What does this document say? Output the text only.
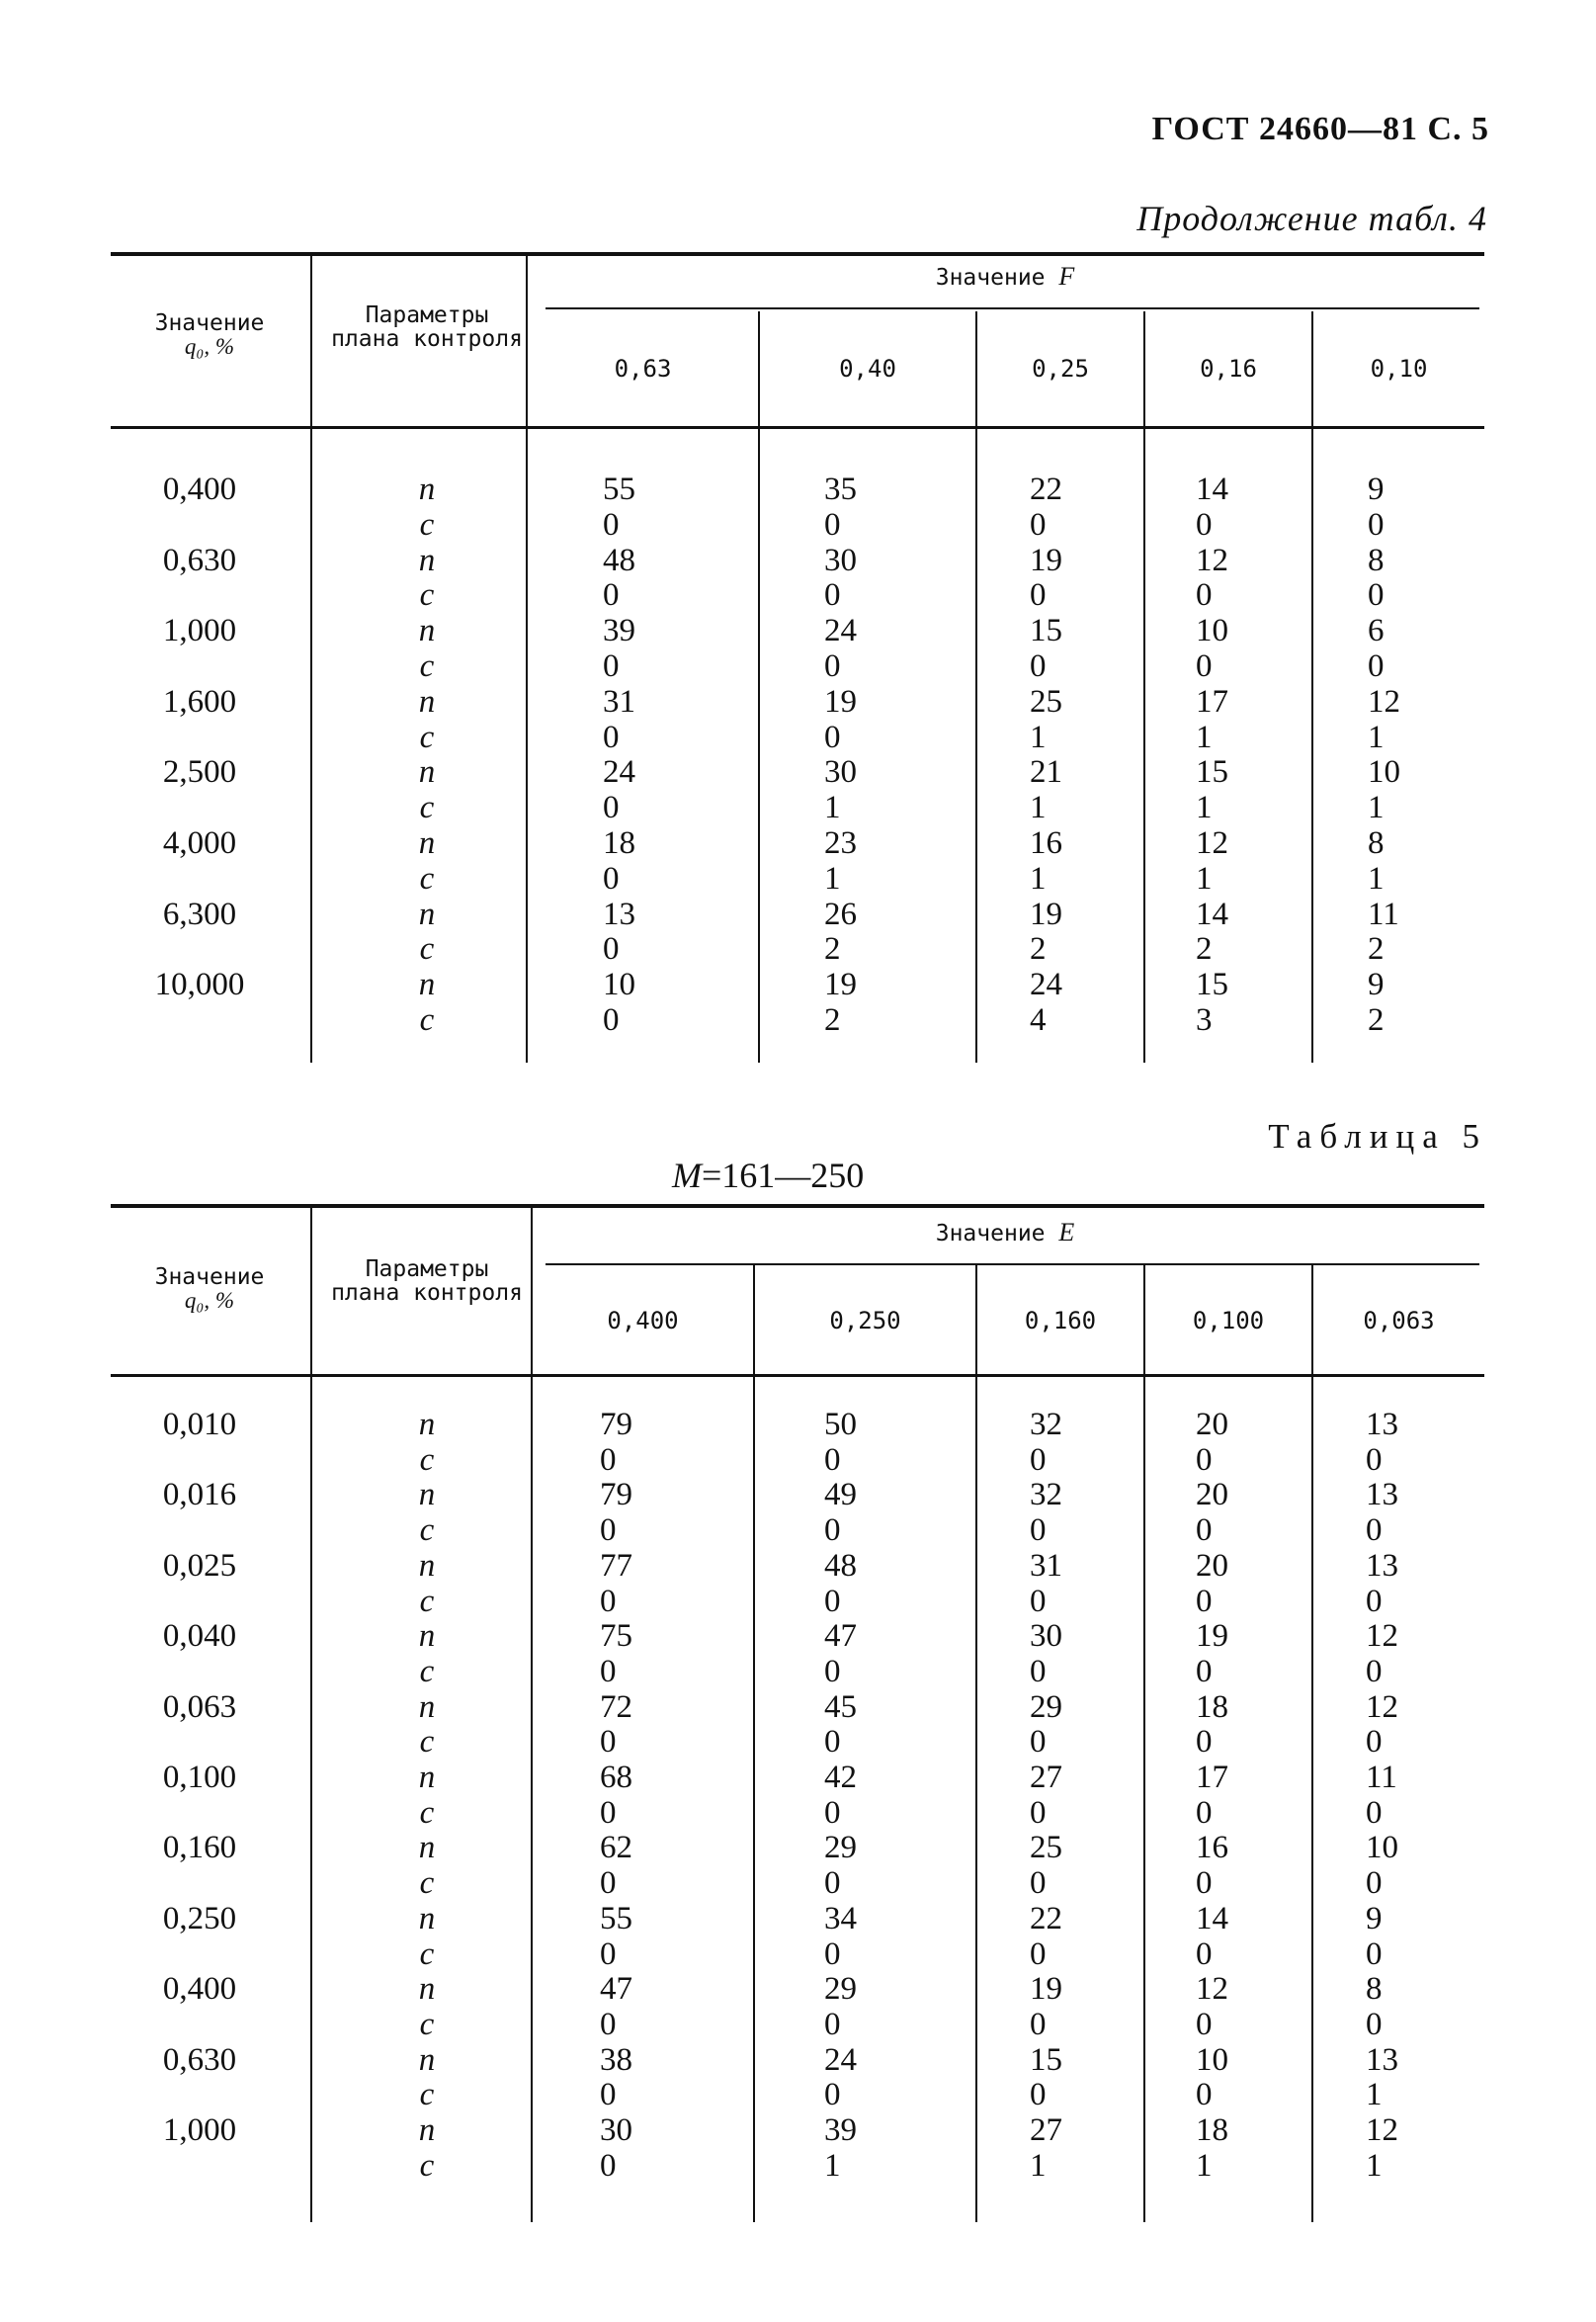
ГОСТ 24660—81 С. 5
Продолжение табл. 4
Значение
q₀, %
Параметры плана контроля
Значение F
0,63	0,40	0,25	0,16	0,10
0,400	n	55	35	22	14	9
c	0	0	0	0	0
0,630	n	48	30	19	12	8
c	0	0	0	0	0
1,000	n	39	24	15	10	6
c	0	0	0	0	0
1,600	n	31	19	25	17	12
c	0	0	1	1	1
2,500	n	24	30	21	15	10
c	0	1	1	1	1
4,000	n	18	23	16	12	8
c	0	1	1	1	1
6,300	n	13	26	19	14	11
c	0	2	2	2	2
10,000	n	10	19	24	15	9
c	0	2	4	3	2
Таблица 5
M=161—250
Значение
q₀, %
Параметры плана контроля
Значение E
0,400	0,250	0,160	0,100	0,063
0,010	n	79	50	32	20	13
c	0	0	0	0	0
0,016	n	79	49	32	20	13
c	0	0	0	0	0
0,025	n	77	48	31	20	13
c	0	0	0	0	0
0,040	n	75	47	30	19	12
c	0	0	0	0	0
0,063	n	72	45	29	18	12
c	0	0	0	0	0
0,100	n	68	42	27	17	11
c	0	0	0	0	0
0,160	n	62	29	25	16	10
c	0	0	0	0	0
0,250	n	55	34	22	14	9
c	0	0	0	0	0
0,400	n	47	29	19	12	8
c	0	0	0	0	0
0,630	n	38	24	15	10	13
c	0	0	0	0	1
1,000	n	30	39	27	18	12
c	0	1	1	1	1
